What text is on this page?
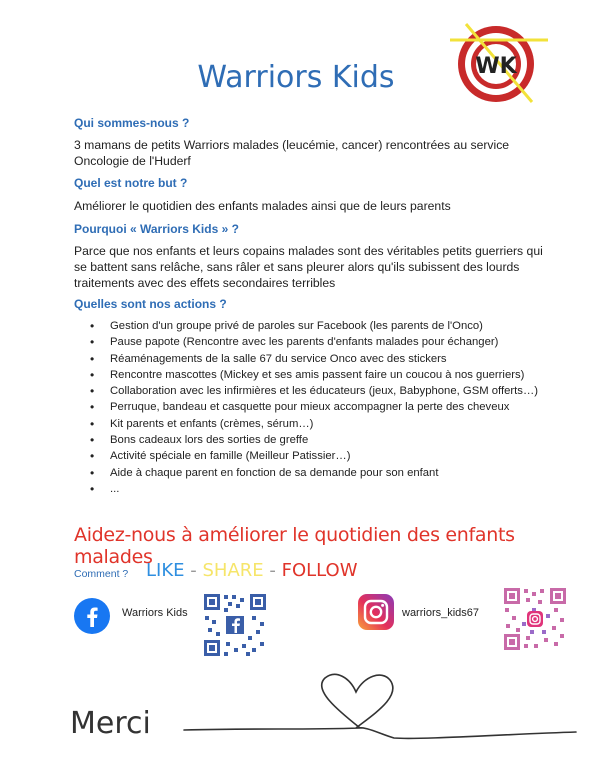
Warriors Kids	WK
Qui sommes-nous ?
3 mamans de petits Warriors malades (leucémie, cancer) rencontrées au service Oncologie de l'Huderf
Quel est notre but ?
Améliorer le quotidien des enfants malades ainsi que de leurs parents
Pourquoi « Warriors Kids » ?
Parce que nos enfants et leurs copains malades sont des véritables petits guerriers qui se battent sans relâche, sans râler et sans pleurer alors qu'ils subissent des lourds traitements avec des effets secondaires terribles
Quelles sont nos actions ?
• Gestion d'un groupe privé de paroles sur Facebook (les parents de l'Onco)
• Pause papote (Rencontre avec les parents d'enfants malades pour échanger)
• Réaménagements de la salle 67 du service Onco avec des stickers
• Rencontre mascottes (Mickey et ses amis passent faire un coucou à nos guerriers)
• Collaboration avec les infirmières et les éducateurs (jeux, Babyphone, GSM offerts…)
• Perruque, bandeau et casquette pour mieux accompagner la perte des cheveux
• Kit parents et enfants (crèmes, sérum…)
• Bons cadeaux lors des sorties de greffe
• Activité spéciale en famille (Meilleur Patissier…)
• Aide à chaque parent en fonction de sa demande pour son enfant
• ...
Aidez-nous à améliorer le quotidien des enfants malades
Comment ? LIKE - SHARE - FOLLOW
Warriors Kids	warriors_kids67
Merci
